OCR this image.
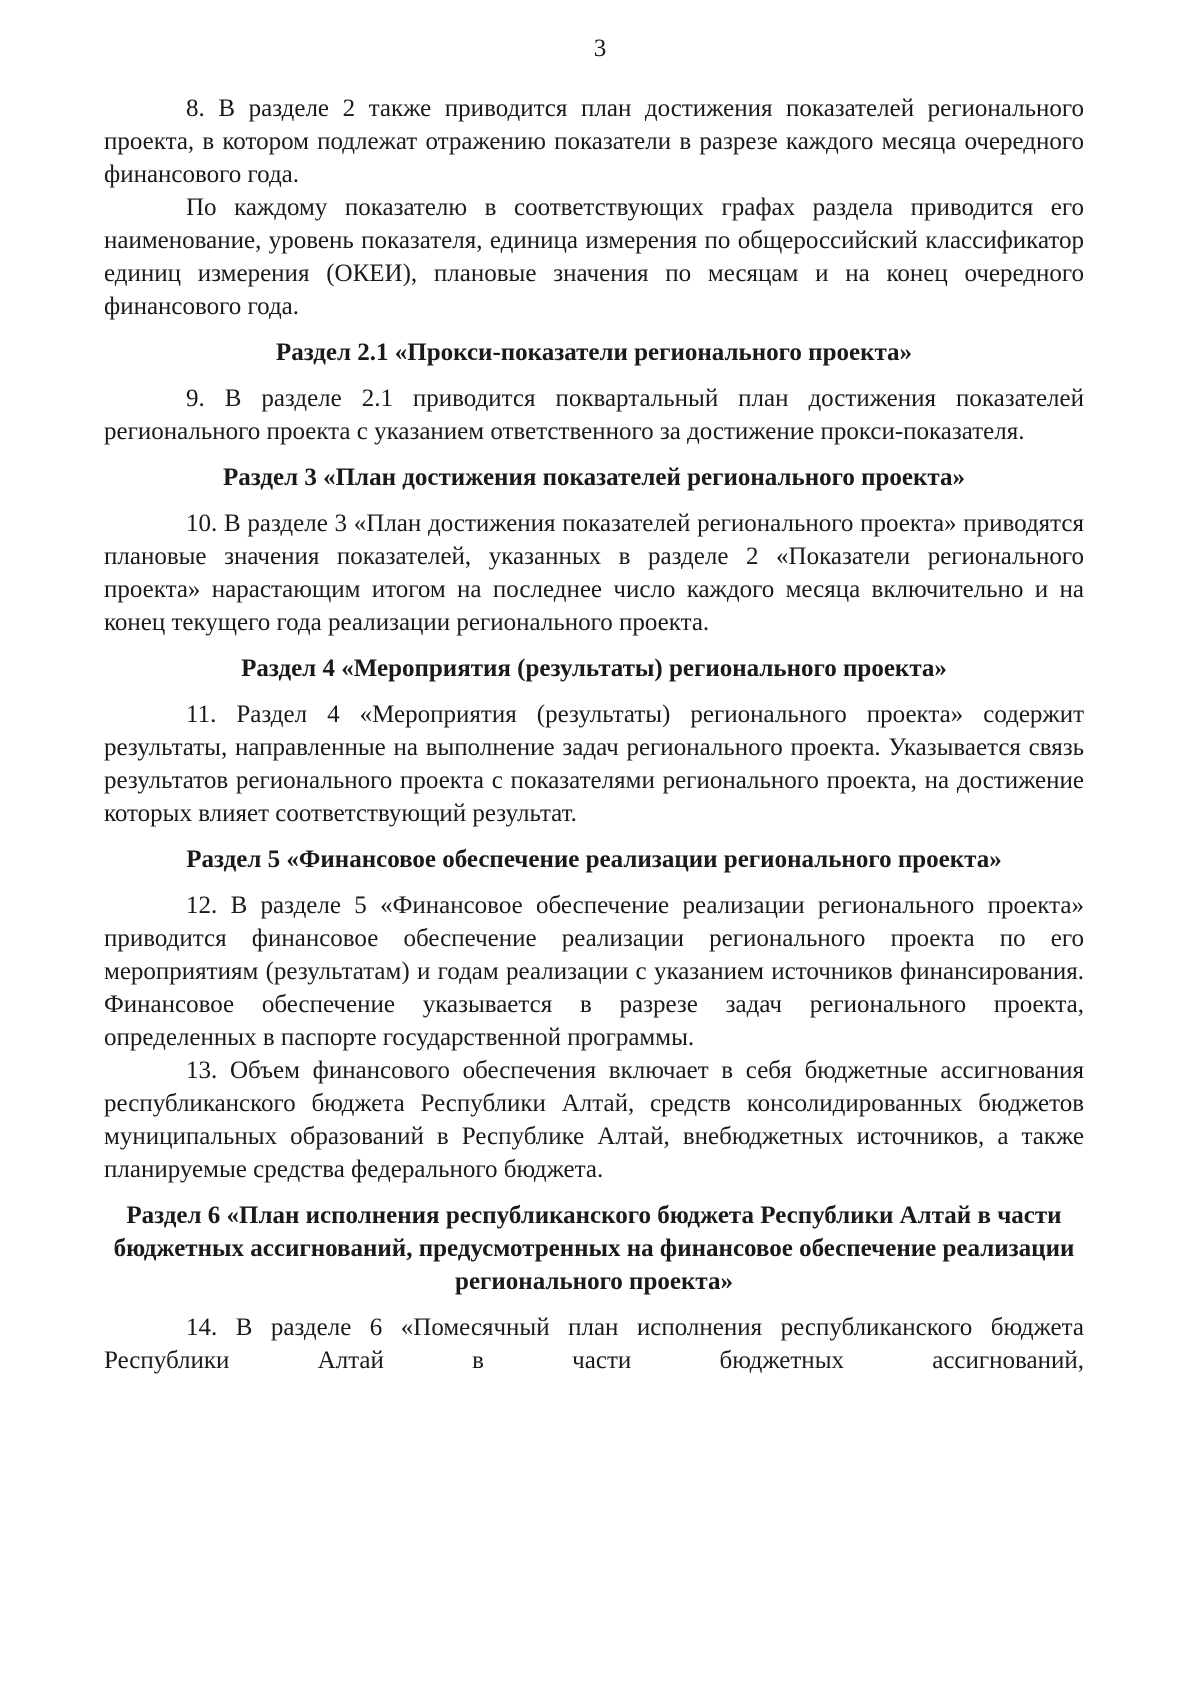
3

8. В разделе 2 также приводится план достижения показателей регионального проекта, в котором подлежат отражению показатели в разрезе каждого месяца очередного финансового года.

По каждому показателю в соответствующих графах раздела приводится его наименование, уровень показателя, единица измерения по общероссийский классификатор единиц измерения (ОКЕИ), плановые значения по месяцам и на конец очередного финансового года.

Раздел 2.1 «Прокси-показатели регионального проекта»

9. В разделе 2.1 приводится поквартальный план достижения показателей регионального проекта с указанием ответственного за достижение прокси-показателя.

Раздел 3 «План достижения показателей регионального проекта»

10. В разделе 3 «План достижения показателей регионального проекта» приводятся плановые значения показателей, указанных в разделе 2 «Показатели регионального проекта» нарастающим итогом на последнее число каждого месяца включительно и на конец текущего года реализации регионального проекта.

Раздел 4 «Мероприятия (результаты) регионального проекта»

11. Раздел 4 «Мероприятия (результаты) регионального проекта» содержит результаты, направленные на выполнение задач регионального проекта. Указывается связь результатов регионального проекта с показателями регионального проекта, на достижение которых влияет соответствующий результат.

Раздел 5 «Финансовое обеспечение реализации регионального проекта»

12. В разделе 5 «Финансовое обеспечение реализации регионального проекта» приводится финансовое обеспечение реализации регионального проекта по его мероприятиям (результатам) и годам реализации с указанием источников финансирования. Финансовое обеспечение указывается в разрезе задач регионального проекта, определенных в паспорте государственной программы.

13. Объем финансового обеспечения включает в себя бюджетные ассигнования республиканского бюджета Республики Алтай, средств консолидированных бюджетов муниципальных образований в Республике Алтай, внебюджетных источников, а также планируемые средства федерального бюджета.

Раздел 6 «План исполнения республиканского бюджета Республики Алтай в части бюджетных ассигнований, предусмотренных на финансовое обеспечение реализации регионального проекта»

14. В разделе 6 «Помесячный план исполнения республиканского бюджета Республики Алтай в части бюджетных ассигнований,
